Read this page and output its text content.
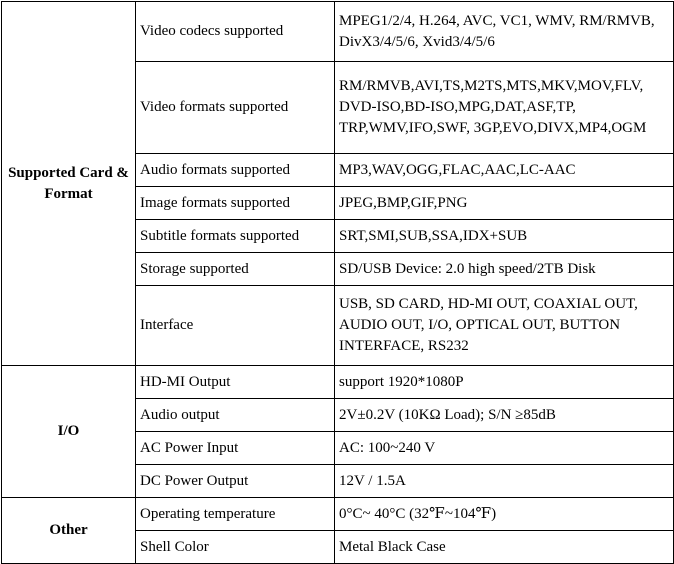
Supported Card & Format	Video codecs supported	MPEG1/2/4, H.264, AVC, VC1, WMV, RM/RMVB, DivX3/4/5/6, Xvid3/4/5/6
	Video formats supported	RM/RMVB,AVI,TS,M2TS,MTS,MKV,MOV,FLV, DVD-ISO,BD-ISO,MPG,DAT,ASF,TP, TRP,WMV,IFO,SWF, 3GP,EVO,DIVX,MP4,OGM
	Audio formats supported	MP3,WAV,OGG,FLAC,AAC,LC-AAC
	Image formats supported	JPEG,BMP,GIF,PNG
	Subtitle formats supported	SRT,SMI,SUB,SSA,IDX+SUB
	Storage supported	SD/USB Device: 2.0 high speed/2TB Disk
	Interface	USB, SD CARD, HD-MI OUT, COAXIAL OUT, AUDIO OUT, I/O, OPTICAL OUT, BUTTON INTERFACE, RS232
I/O	HD-MI Output	support 1920*1080P
	Audio output	2V±0.2V (10KΩ Load); S/N ≥85dB
	AC Power Input	AC: 100~240 V
	DC Power Output	12V / 1.5A
Other	Operating temperature	0°C~ 40°C (32℉~104℉)
	Shell Color	Metal Black Case
